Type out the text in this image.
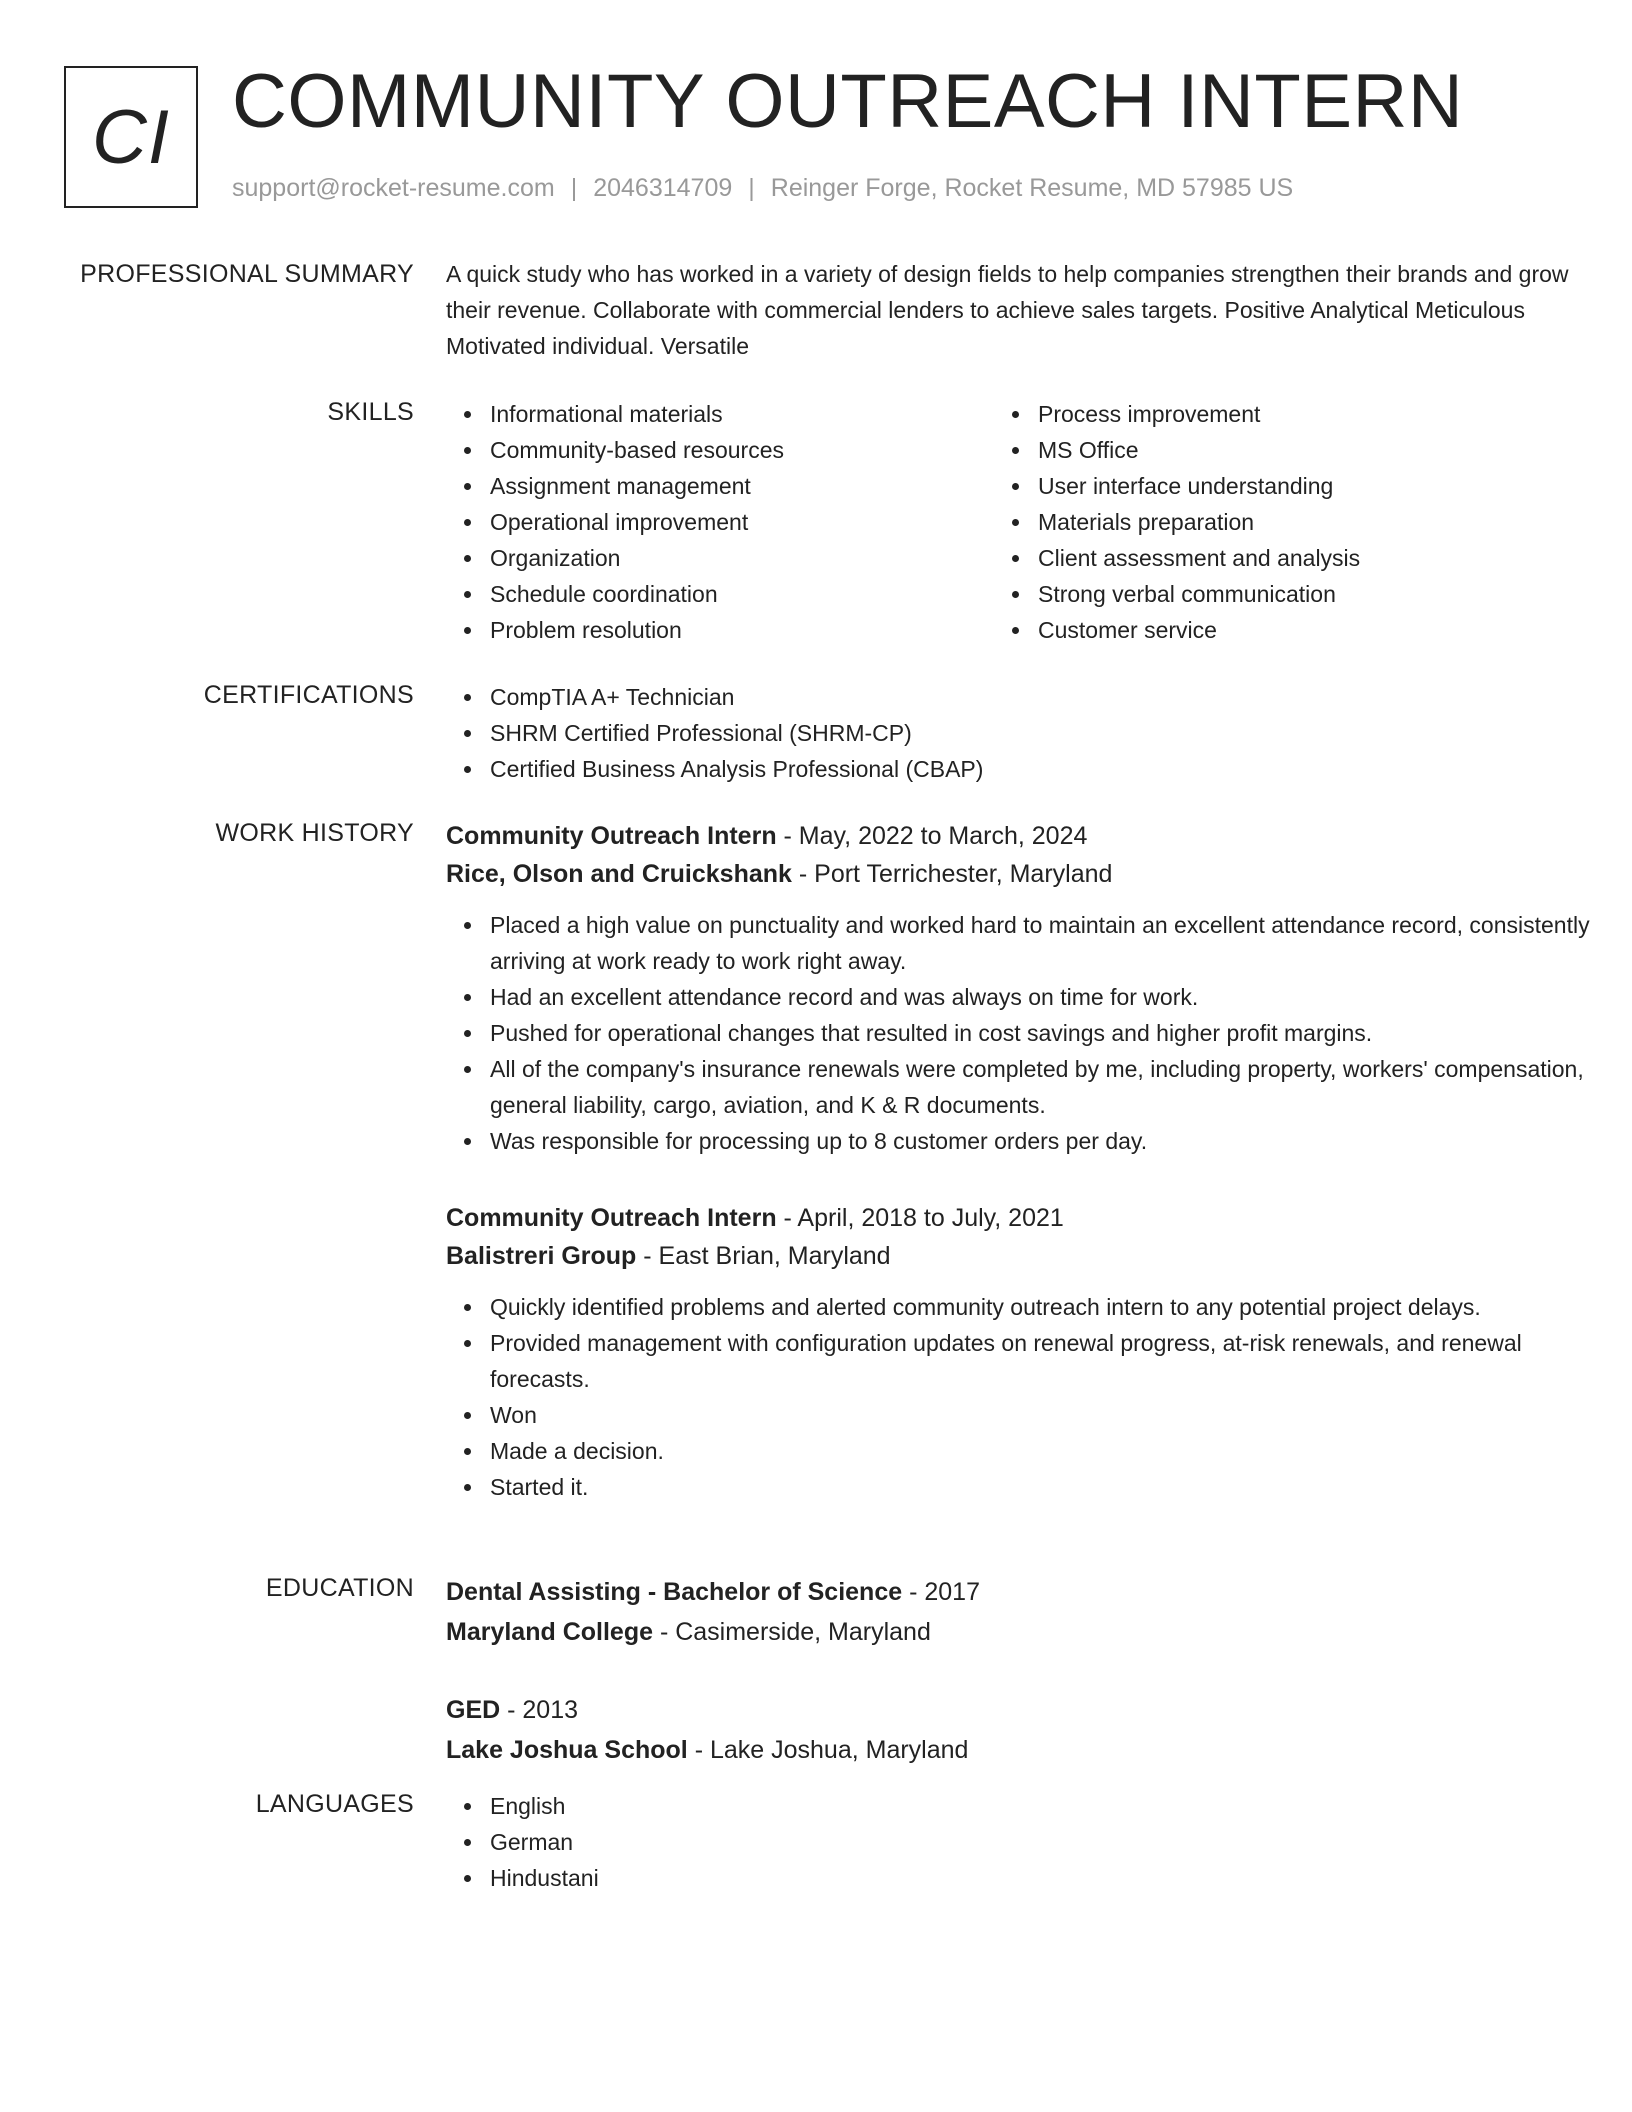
CI COMMUNITY OUTREACH INTERN
support@rocket-resume.com | 2046314709 | Reinger Forge, Rocket Resume, MD 57985 US
PROFESSIONAL SUMMARY A quick study who has worked in a variety of design fields to help companies strengthen their brands and grow their revenue. Collaborate with commercial lenders to achieve sales targets. Positive Analytical Meticulous Motivated individual. Versatile

SKILLS	Informational materials
Community-based resources
Assignment management
Operational improvement
Organization
Schedule coordination
Problem resolution
Process improvement
MS Office
User interface understanding
Materials preparation
Client assessment and analysis
Strong verbal communication
Customer service
CERTIFICATIONS	CompTIA A+ Technician
SHRM Certified Professional (SHRM-CP)
Certified Business Analysis Professional (CBAP)
WORK HISTORY Community Outreach Intern - May, 2022 to March, 2024
Rice, Olson and Cruickshank - Port Terrichester, Maryland
Placed a high value on punctuality and worked hard to maintain an excellent attendance record, consistently arriving at work ready to work right away.
Had an excellent attendance record and was always on time for work.
Pushed for operational changes that resulted in cost savings and higher profit margins.
All of the company's insurance renewals were completed by me, including property, workers' compensation, general liability, cargo, aviation, and K & R documents.
Was responsible for processing up to 8 customer orders per day.
Community Outreach Intern - April, 2018 to July, 2021
Balistreri Group - East Brian, Maryland
Quickly identified problems and alerted community outreach intern to any potential project delays.
Provided management with configuration updates on renewal progress, at-risk renewals, and renewal forecasts.
Won
Made a decision.
Started it.
EDUCATION Dental Assisting - Bachelor of Science - 2017
Maryland College - Casimerside, Maryland
GED - 2013
Lake Joshua School - Lake Joshua, Maryland
LANGUAGES	English
German
Hindustani
